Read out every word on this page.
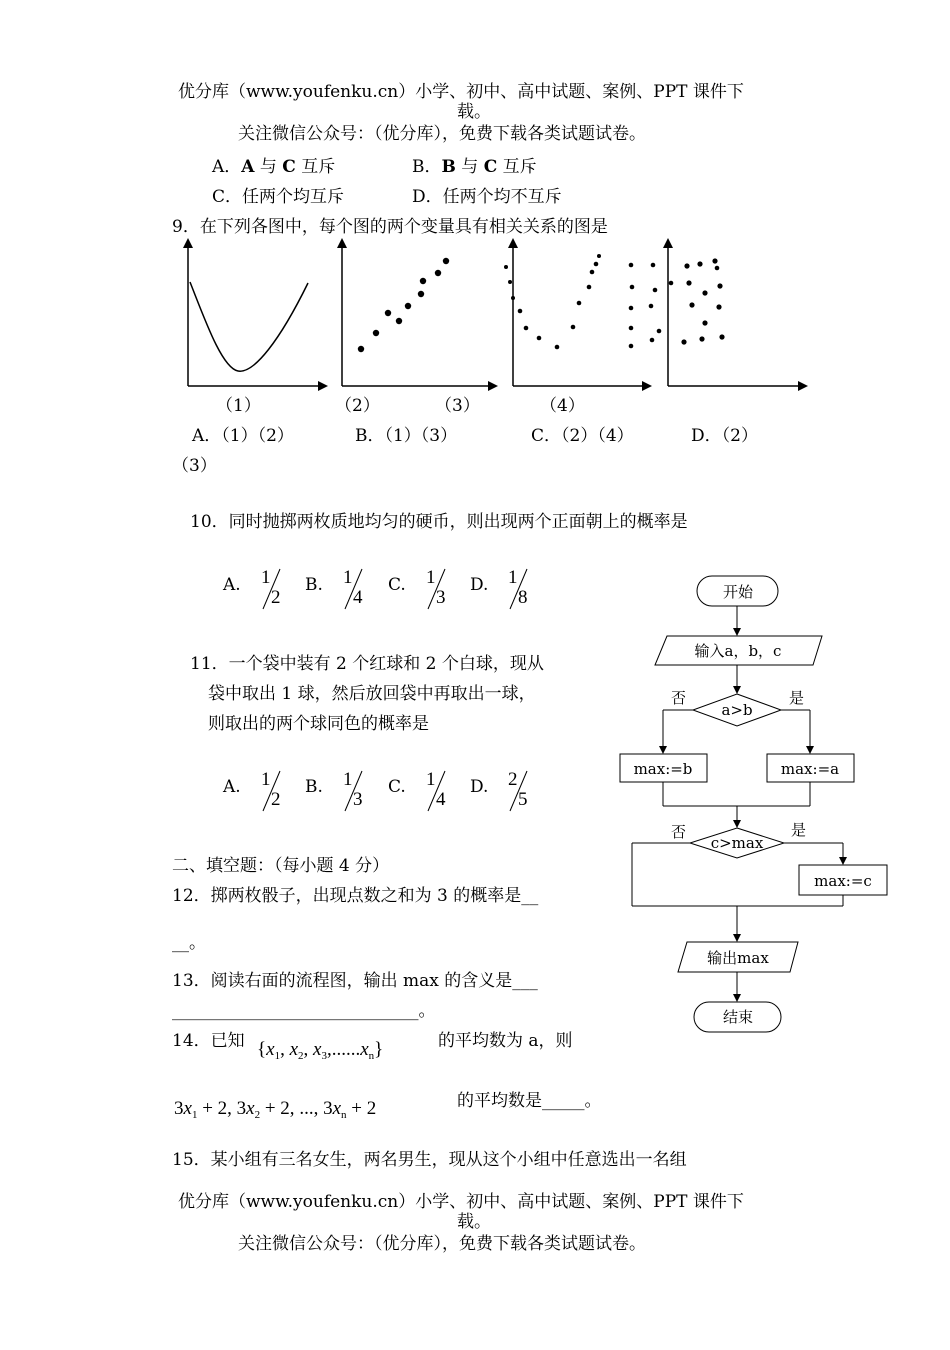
优分库（www.youfenku.cn）小学、初中、高中试题、案例、PPT 课件下
载。
关注微信公众号：（优分库），免费下载各类试题试卷。
A．A 与 C 互斥	B．B 与 C 互斥
C．任两个均互斥	D．任两个均不互斥
9．在下列各图中，每个图的两个变量具有相关关系的图是
（1）	（2）	（3）	（4）
A．（1）（2）	B．（1）（3）	C．（2）（4）	D．（2）
（3）
10．同时抛掷两枚质地均匀的硬币，则出现两个正面朝上的概率是
A. 1
2
B. 1
4
C. 1
3
D. 1
8
11．一个袋中装有 2 个红球和 2 个白球，现从
袋中取出 1 球，然后放回袋中再取出一球，
则取出的两个球同色的概率是
A. 1
2
B. 1
3
C. 1
4
D. 2
5
二、填空题：（每小题 4 分）
12．掷两枚骰子，出现点数之和为 3 的概率是__
__。
13．阅读右面的流程图，输出 max 的含义是___
_____________________________。
14．已知 {$x_1$, $x_2$, $x_3,......x_n$}	的平均数为 a，则
$3x_1 + 2$, $3x_2 + 2$, ..., $3x_n + 2$	的平均数是_____。
15．某小组有三名女生，两名男生，现从这个小组中任意选出一名组
开始
输入a，b，c
a>b
否	是
max:=b	max:=a
c>max
否	是
max:=c
输出max
结束
优分库（www.youfenku.cn）小学、初中、高中试题、案例、PPT 课件下
载。
关注微信公众号：（优分库），免费下载各类试题试卷。
